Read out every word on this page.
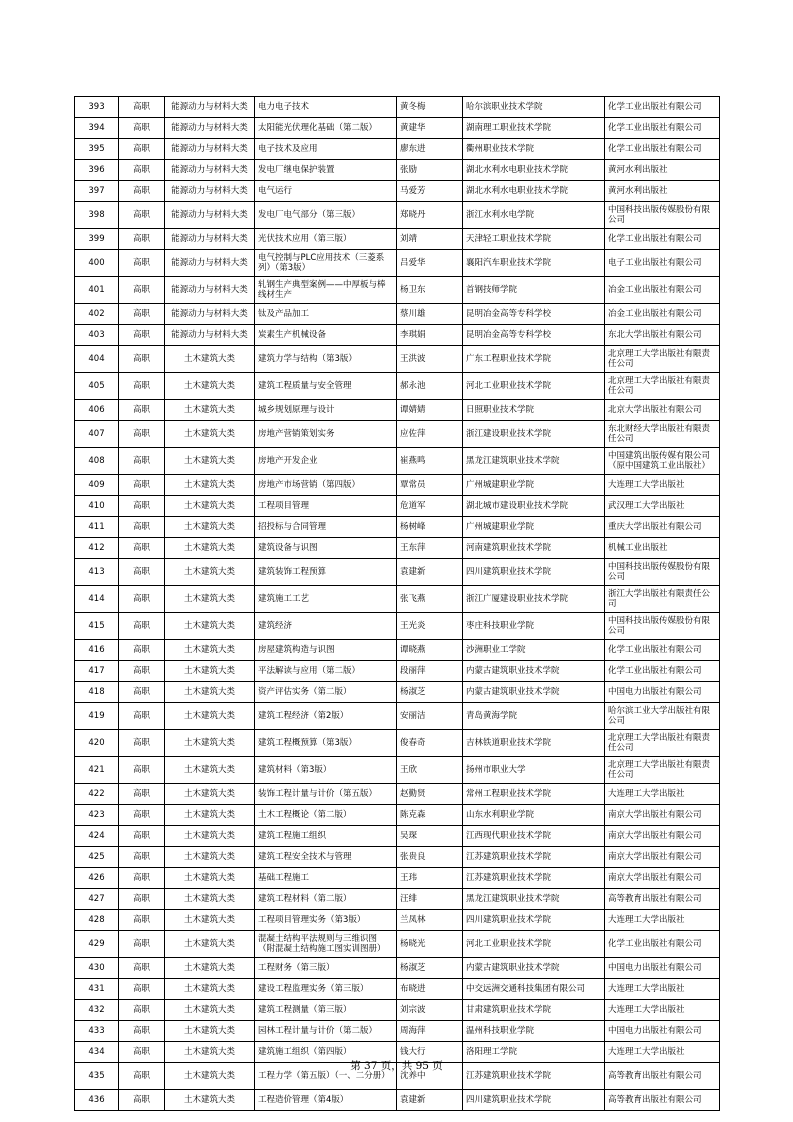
393	高职	能源动力与材料大类	电力电子技术	黄冬梅	哈尔滨职业技术学院	化学工业出版社有限公司
394	高职	能源动力与材料大类	太阳能光伏理化基础（第二版）	黄建华	湖南理工职业技术学院	化学工业出版社有限公司
395	高职	能源动力与材料大类	电子技术及应用	廖东进	衢州职业技术学院	化学工业出版社有限公司
396	高职	能源动力与材料大类	发电厂继电保护装置	张励	湖北水利水电职业技术学院	黄河水利出版社
397	高职	能源动力与材料大类	电气运行	马爱芳	湖北水利水电职业技术学院	黄河水利出版社
398	高职	能源动力与材料大类	发电厂电气部分（第三版）	郑晓丹	浙江水利水电学院	中国科技出版传媒股份有限公司
399	高职	能源动力与材料大类	光伏技术应用（第三版）	刘靖	天津轻工职业技术学院	化学工业出版社有限公司
400	高职	能源动力与材料大类	电气控制与PLC应用技术（三菱系列）（第3版）	吕爱华	襄阳汽车职业技术学院	电子工业出版社有限公司
401	高职	能源动力与材料大类	轧钢生产典型案例——中厚板与棒线材生产	杨卫东	首钢技师学院	冶金工业出版社有限公司
402	高职	能源动力与材料大类	钛及产品加工	蔡川雄	昆明冶金高等专科学校	冶金工业出版社有限公司
403	高职	能源动力与材料大类	炭素生产机械设备	李琪娟	昆明冶金高等专科学校	东北大学出版社有限公司
404	高职	土木建筑大类	建筑力学与结构（第3版）	王洪波	广东工程职业技术学院	北京理工大学出版社有限责任公司
405	高职	土木建筑大类	建筑工程质量与安全管理	郝永池	河北工业职业技术学院	北京理工大学出版社有限责任公司
406	高职	土木建筑大类	城乡规划原理与设计	谭婧婧	日照职业技术学院	北京大学出版社有限公司
407	高职	土木建筑大类	房地产营销策划实务	应佐萍	浙江建设职业技术学院	东北财经大学出版社有限责任公司
408	高职	土木建筑大类	房地产开发企业	崔燕鸣	黑龙江建筑职业技术学院	中国建筑出版传媒有限公司（原中国建筑工业出版社）
409	高职	土木建筑大类	房地产市场营销（第四版）	覃常员	广州城建职业学院	大连理工大学出版社
410	高职	土木建筑大类	工程项目管理	危道军	湖北城市建设职业技术学院	武汉理工大学出版社
411	高职	土木建筑大类	招投标与合同管理	杨树峰	广州城建职业学院	重庆大学出版社有限公司
412	高职	土木建筑大类	建筑设备与识图	王东萍	河南建筑职业技术学院	机械工业出版社
413	高职	土木建筑大类	建筑装饰工程预算	袁建新	四川建筑职业技术学院	中国科技出版传媒股份有限公司
414	高职	土木建筑大类	建筑施工工艺	张飞燕	浙江广厦建设职业技术学院	浙江大学出版社有限责任公司
415	高职	土木建筑大类	建筑经济	王光炎	枣庄科技职业学院	中国科技出版传媒股份有限公司
416	高职	土木建筑大类	房屋建筑构造与识图	谭晓燕	沙洲职业工学院	化学工业出版社有限公司
417	高职	土木建筑大类	平法解读与应用（第二版）	段丽萍	内蒙古建筑职业技术学院	化学工业出版社有限公司
418	高职	土木建筑大类	资产评估实务（第二版）	杨淑芝	内蒙古建筑职业技术学院	中国电力出版社有限公司
419	高职	土木建筑大类	建筑工程经济（第2版）	安丽洁	青岛黄海学院	哈尔滨工业大学出版社有限公司
420	高职	土木建筑大类	建筑工程概预算（第3版）	俊春奇	吉林铁道职业技术学院	北京理工大学出版社有限责任公司
421	高职	土木建筑大类	建筑材料（第3版）	王欣	扬州市职业大学	北京理工大学出版社有限责任公司
422	高职	土木建筑大类	装饰工程计量与计价（第五版）	赵勤贤	常州工程职业技术学院	大连理工大学出版社
423	高职	土木建筑大类	土木工程概论（第二版）	陈克森	山东水利职业学院	南京大学出版社有限公司
424	高职	土木建筑大类	建筑工程施工组织	吴琛	江西现代职业技术学院	南京大学出版社有限公司
425	高职	土木建筑大类	建筑工程安全技术与管理	张贵良	江苏建筑职业技术学院	南京大学出版社有限公司
426	高职	土木建筑大类	基础工程施工	王玮	江苏建筑职业技术学院	南京大学出版社有限公司
427	高职	土木建筑大类	建筑工程材料（第二版）	汪绯	黑龙江建筑职业技术学院	高等教育出版社有限公司
428	高职	土木建筑大类	工程项目管理实务（第3版）	兰凤林	四川建筑职业技术学院	大连理工大学出版社
429	高职	土木建筑大类	混凝土结构平法规则与三维识图（附混凝土结构施工图实训图册）	杨晓光	河北工业职业技术学院	化学工业出版社有限公司
430	高职	土木建筑大类	工程财务（第三版）	杨淑芝	内蒙古建筑职业技术学院	中国电力出版社有限公司
431	高职	土木建筑大类	建设工程监理实务（第三版）	布晓进	中交远洲交通科技集团有限公司	大连理工大学出版社
432	高职	土木建筑大类	建筑工程测量（第三版）	刘宗波	甘肃建筑职业技术学院	大连理工大学出版社
433	高职	土木建筑大类	园林工程计量与计价（第二版）	周海萍	温州科技职业学院	中国电力出版社有限公司
434	高职	土木建筑大类	建筑施工组织（第四版）	钱大行	洛阳理工学院	大连理工大学出版社
435	高职	土木建筑大类	工程力学（第五版）（一、二分册）	沈养中	江苏建筑职业技术学院	高等教育出版社有限公司
436	高职	土木建筑大类	工程造价管理（第4版）	袁建新	四川建筑职业技术学院	高等教育出版社有限公司
第 37 页，共 95 页
